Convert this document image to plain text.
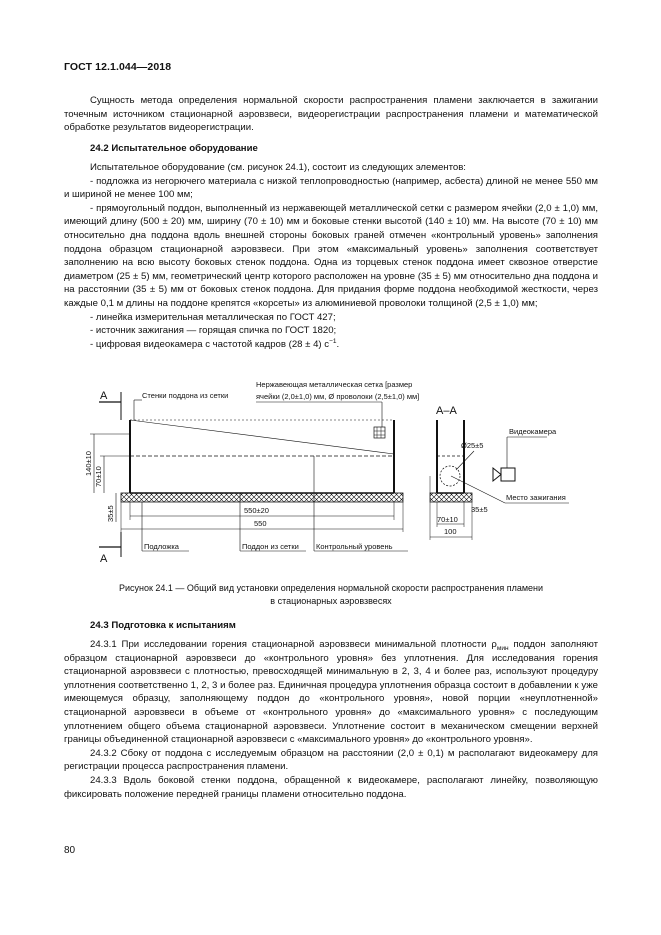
ГОСТ 12.1.044—2018

Сущность метода определения нормальной скорости распространения пламени заключается в зажигании точечным источником стационарной аэровзвеси, видеорегистрации распространения пламени и математической обработке результатов видеорегистрации.

24.2 Испытательное оборудование

Испытательное оборудование (см. рисунок 24.1), состоит из следующих элементов:
- подложка из негорючего материала с низкой теплопроводностью (например, асбеста) длиной не менее 550 мм и шириной не менее 100 мм;
- прямоугольный поддон, выполненный из нержавеющей металлической сетки с размером ячейки (2,0 ± 1,0) мм, имеющий длину (500 ± 20) мм, ширину (70 ± 10) мм и боковые стенки высотой (140 ± 10) мм. На высоте (70 ± 10) мм относительно дна поддона вдоль внешней стороны боковых граней отмечен «контрольный уровень» заполнения поддона образцом стационарной аэровзвеси. При этом «максимальный уровень» заполнения соответствует заполнению на всю высоту боковых стенок поддона. Одна из торцевых стенок поддона имеет сквозное отверстие диаметром (25 ± 5) мм, геометрический центр которого расположен на уровне (35 ± 5) мм относительно дна поддона и на расстоянии (35 ± 5) мм от боковых стенок поддона. Для придания форме поддона необходимой жесткости, через каждые 0,1 м длины на поддоне крепятся «корсеты» из алюминиевой проволоки толщиной (2,5 ± 1,0) мм;
- линейка измерительная металлическая по ГОСТ 427;
- источник зажигания — горящая спичка по ГОСТ 1820;
- цифровая видеокамера с частотой кадров (28 ± 4) $с^{-1}$.
A
A
Стенки поддона из сетки
Нержавеющая металлическая сетка [размер
ячейки (2,0±1,0) мм, Ø проволоки (2,5±1,0) мм]
140±10
70±10
35±5	550±20
550
Подложка	Поддон из сетки Контрольный уровень
А–А
Ø25±5
Видеокамера
Место зажигания
35±5
70±10
100
Рисунок 24.1 — Общий вид установки определения нормальной скорости распространения пламени
в стационарных аэровзвесях

24.3 Подготовка к испытаниям

24.3.1 При исследовании горения стационарной аэровзвеси минимальной плотности $\rho_{мин}$ поддон заполняют образцом стационарной аэровзвеси до «контрольного уровня» без уплотнения. Для исследования горения стационарной аэровзвеси с плотностью, превосходящей минимальную в 2, 3, 4 и более раз, используют процедуру уплотнения соответственно 1, 2, 3 и более раз. Единичная процедура уплотнения образца состоит в добавлении к уже имеющемуся образцу, заполняющему поддон до «контрольного уровня», новой порции «неуплотненной» стационарной аэровзвеси в объеме от «контрольного уровня» до «максимального уровня» с последующим уплотнением общего объема стационарной аэровзвеси. Уплотнение состоит в механическом смещении верхней границы объединенной стационарной аэровзвеси с «максимального уровня» до «контрольного уровня».
24.3.2 Сбоку от поддона с исследуемым образцом на расстоянии (2,0 ± 0,1) м располагают видеокамеру для регистрации процесса распространения пламени.
24.3.3 Вдоль боковой стенки поддона, обращенной к видеокамере, располагают линейку, позволяющую фиксировать положение передней границы пламени относительно поддона.
80
